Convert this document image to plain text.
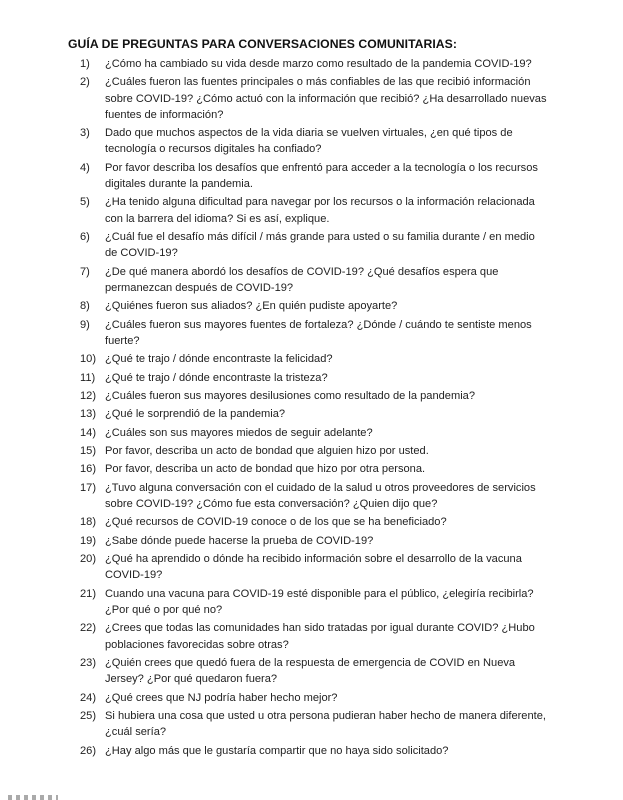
GUÍA DE PREGUNTAS PARA CONVERSACIONES COMUNITARIAS:
1)	¿Cómo ha cambiado su vida desde marzo como resultado de la pandemia COVID-19?
2)	¿Cuáles fueron las fuentes principales o más confiables de las que recibió información sobre COVID-19? ¿Cómo actuó con la información que recibió? ¿Ha desarrollado nuevas fuentes de información?
3)	Dado que muchos aspectos de la vida diaria se vuelven virtuales, ¿en qué tipos de tecnología o recursos digitales ha confiado?
4)	Por favor describa los desafíos que enfrentó para acceder a la tecnología o los recursos digitales durante la pandemia.
5)	¿Ha tenido alguna dificultad para navegar por los recursos o la información relacionada con la barrera del idioma? Si es así, explique.
6)	¿Cuál fue el desafío más difícil / más grande para usted o su familia durante / en medio de COVID-19?
7)	¿De qué manera abordó los desafíos de COVID-19? ¿Qué desafíos espera que permanezcan después de COVID-19?
8)	¿Quiénes fueron sus aliados? ¿En quién pudiste apoyarte?
9)	¿Cuáles fueron sus mayores fuentes de fortaleza? ¿Dónde / cuándo te sentiste menos fuerte?
10) ¿Qué te trajo / dónde encontraste la felicidad?
11) ¿Qué te trajo / dónde encontraste la tristeza?
12) ¿Cuáles fueron sus mayores desilusiones como resultado de la pandemia?
13) ¿Qué le sorprendió de la pandemia?
14) ¿Cuáles son sus mayores miedos de seguir adelante?
15) Por favor, describa un acto de bondad que alguien hizo por usted.
16) Por favor, describa un acto de bondad que hizo por otra persona.
17) ¿Tuvo alguna conversación con el cuidado de la salud u otros proveedores de servicios sobre COVID-19? ¿Cómo fue esta conversación? ¿Quien dijo que?
18) ¿Qué recursos de COVID-19 conoce o de los que se ha beneficiado?
19) ¿Sabe dónde puede hacerse la prueba de COVID-19?
20) ¿Qué ha aprendido o dónde ha recibido información sobre el desarrollo de la vacuna COVID-19?
21) Cuando una vacuna para COVID-19 esté disponible para el público, ¿elegiría recibirla? ¿Por qué o por qué no?
22) ¿Crees que todas las comunidades han sido tratadas por igual durante COVID? ¿Hubo poblaciones favorecidas sobre otras?
23) ¿Quién crees que quedó fuera de la respuesta de emergencia de COVID en Nueva Jersey? ¿Por qué quedaron fuera?
24) ¿Qué crees que NJ podría haber hecho mejor?
25) Si hubiera una cosa que usted u otra persona pudieran haber hecho de manera diferente, ¿cuál sería?
26) ¿Hay algo más que le gustaría compartir que no haya sido solicitado?
